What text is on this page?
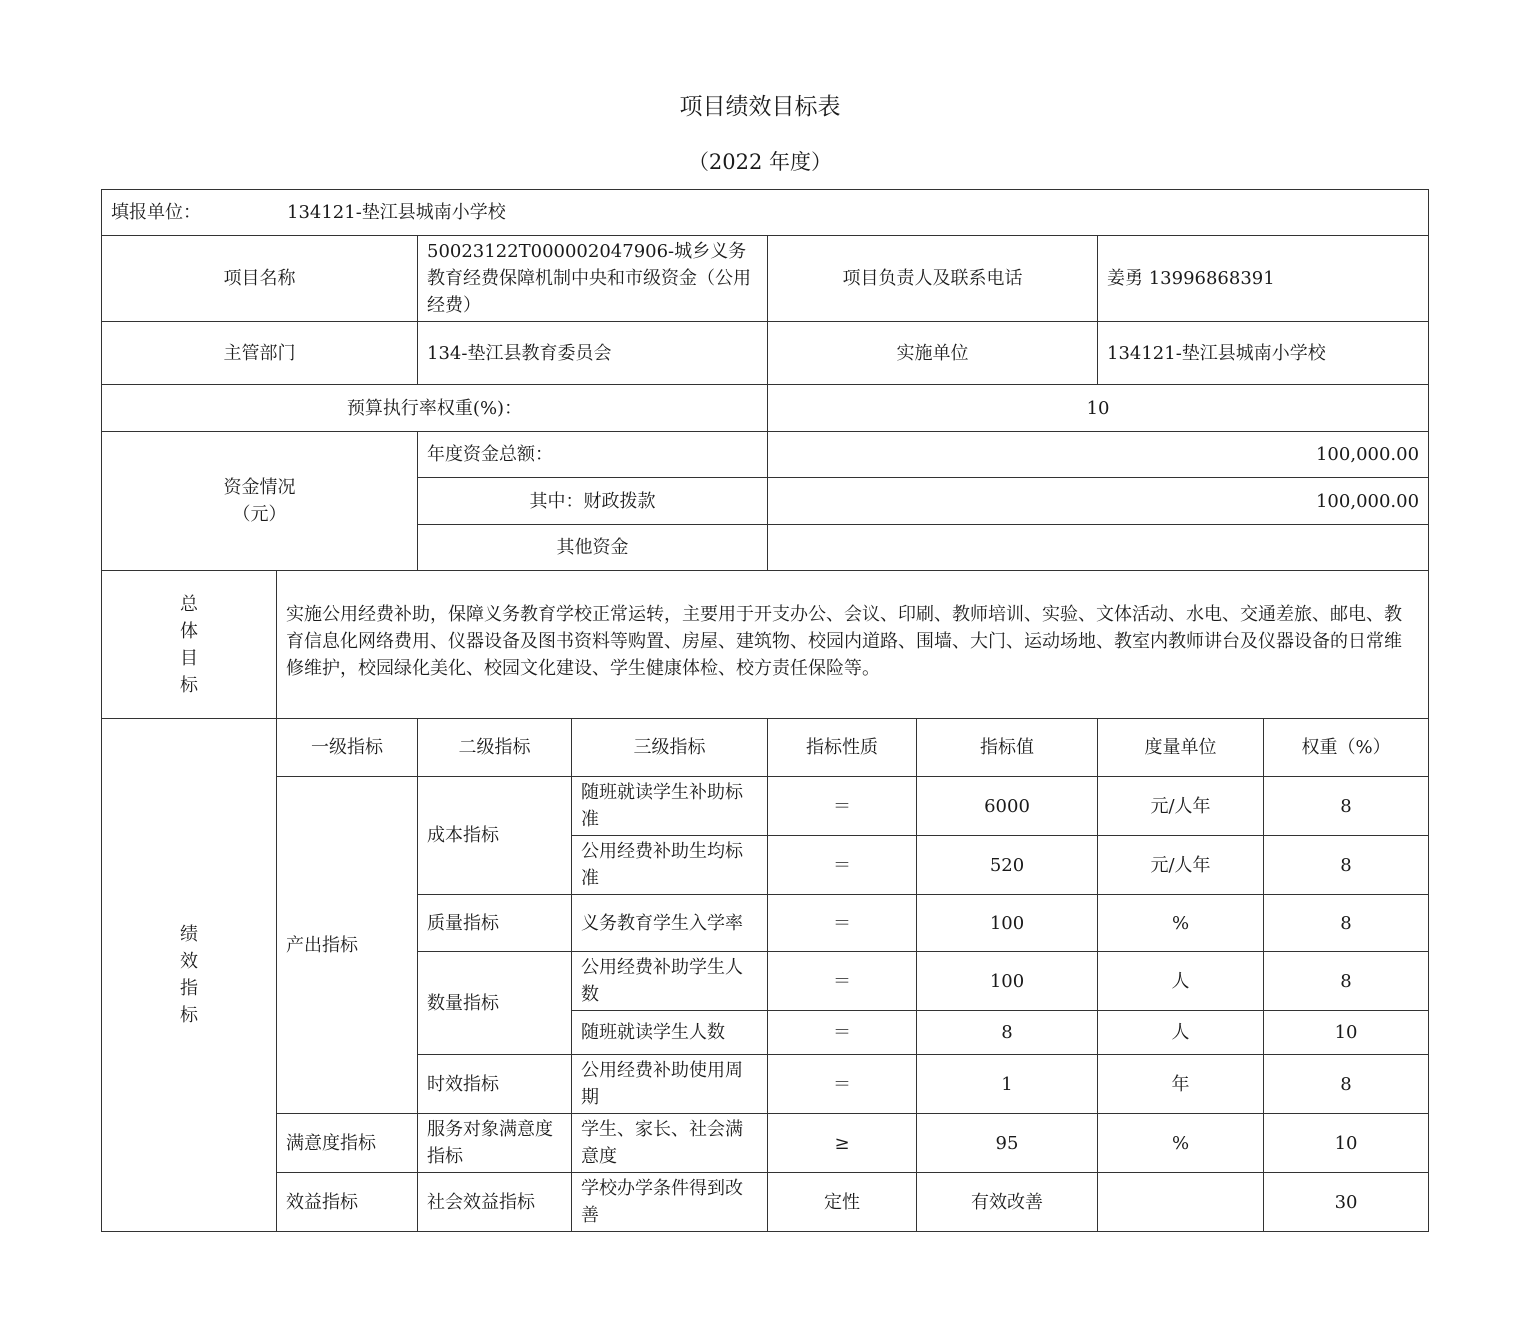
项目绩效目标表
（2022 年度）
填报单位： 134121-垫江县城南小学校							
项目名称		50023122T000002047906-城乡义务教育经费保障机制中央和市级资金（公用经费）		项目负责人及联系电话		姜勇 13996868391	
主管部门		134-垫江县教育委员会		实施单位		134121-垫江县城南小学校	
预算执行率权重(%)：				10			

资金情况
（元）		年度资金总额：		100,000.00			
		其中：财政拨款		100,000.00			
		其他资金					

总
体
目
标	实施公用经费补助，保障义务教育学校正常运转，主要用于开支办公、会议、印刷、教师培训、实验、文体活动、水电、交通差旅、邮电、教育信息化网络费用、仪器设备及图书资料等购置、房屋、建筑物、校园内道路、围墙、大门、运动场地、教室内教师讲台及仪器设备的日常维修维护，校园绿化美化、校园文化建设、学生健康体检、校方责任保险等。						

绩
效
指
标	一级指标	二级指标	三级指标	指标性质	指标值	度量单位	权重（%）
	产出指标	成本指标	随班就读学生补助标准	＝	6000	元/人年	8
			公用经费补助生均标准	＝	520	元/人年	8
		质量指标	义务教育学生入学率	＝	100	%	8
		数量指标	公用经费补助学生人数	＝	100	人	8
			随班就读学生人数	＝	8	人	10
		时效指标	公用经费补助使用周期	＝	1	年	8
	满意度指标	服务对象满意度指标	学生、家长、社会满意度	≥	95	%	10
	效益指标	社会效益指标	学校办学条件得到改善	定性	有效改善		30
